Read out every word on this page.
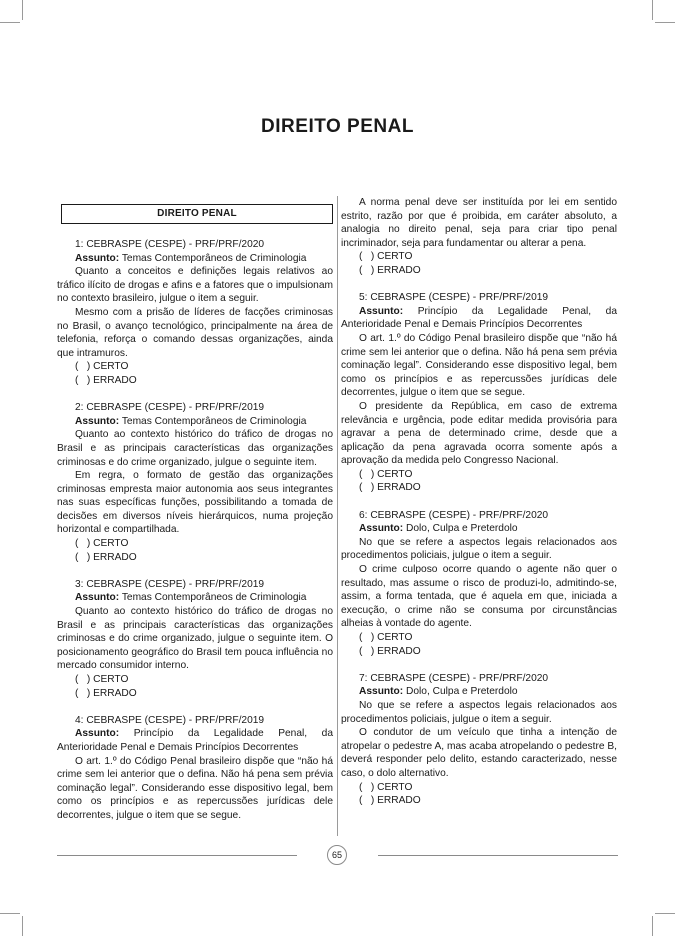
DIREITO PENAL
DIREITO PENAL

1: CEBRASPE (CESPE) - PRF/PRF/2020

Assunto: Temas Contemporâneos de Criminologia

Quanto a conceitos e definições legais relativos ao tráfico ilícito de drogas e afins e a fatores que o impulsionam no contexto brasileiro, julgue o item a seguir.

Mesmo com a prisão de líderes de facções criminosas no Brasil, o avanço tecnológico, principalmente na área de telefonia, reforça o comando dessas organizações, ainda que intramuros.

(   ) CERTO
(   ) ERRADO

2: CEBRASPE (CESPE) - PRF/PRF/2019

Assunto: Temas Contemporâneos de Criminologia

Quanto ao contexto histórico do tráfico de drogas no Brasil e as principais características das organizações criminosas e do crime organizado, julgue o seguinte item.

Em regra, o formato de gestão das organizações criminosas empresta maior autonomia aos seus integrantes nas suas específicas funções, possibilitando a tomada de decisões em diversos níveis hierárquicos, numa projeção horizontal e compartilhada.

(   ) CERTO
(   ) ERRADO

3: CEBRASPE (CESPE) - PRF/PRF/2019

Assunto: Temas Contemporâneos de Criminologia

Quanto ao contexto histórico do tráfico de drogas no Brasil e as principais características das organizações criminosas e do crime organizado, julgue o seguinte item. O posicionamento geográfico do Brasil tem pouca influência no mercado consumidor interno.

(   ) CERTO
(   ) ERRADO

4: CEBRASPE (CESPE) - PRF/PRF/2019

Assunto: Princípio da Legalidade Penal, da Anterioridade Penal e Demais Princípios Decorrentes

O art. 1.º do Código Penal brasileiro dispõe que “não há crime sem lei anterior que o defina. Não há pena sem prévia cominação legal”. Considerando esse dispositivo legal, bem como os princípios e as repercussões jurídicas dele decorrentes, julgue o item que se segue.

A norma penal deve ser instituída por lei em sentido estrito, razão por que é proibida, em caráter absoluto, a analogia no direito penal, seja para criar tipo penal incriminador, seja para fundamentar ou alterar a pena.

(   ) CERTO
(   ) ERRADO

5: CEBRASPE (CESPE) - PRF/PRF/2019

Assunto: Princípio da Legalidade Penal, da Anterioridade Penal e Demais Princípios Decorrentes

O art. 1.º do Código Penal brasileiro dispõe que “não há crime sem lei anterior que o defina. Não há pena sem prévia cominação legal”. Considerando esse dispositivo legal, bem como os princípios e as repercussões jurídicas dele decorrentes, julgue o item que se segue.

O presidente da República, em caso de extrema relevância e urgência, pode editar medida provisória para agravar a pena de determinado crime, desde que a aplicação da pena agravada ocorra somente após a aprovação da medida pelo Congresso Nacional.

(   ) CERTO
(   ) ERRADO

6: CEBRASPE (CESPE) - PRF/PRF/2020

Assunto: Dolo, Culpa e Preterdolo

No que se refere a aspectos legais relacionados aos procedimentos policiais, julgue o item a seguir.

O crime culposo ocorre quando o agente não quer o resultado, mas assume o risco de produzi-lo, admitindo-se, assim, a forma tentada, que é aquela em que, iniciada a execução, o crime não se consuma por circunstâncias alheias à vontade do agente.

(   ) CERTO
(   ) ERRADO

7: CEBRASPE (CESPE) - PRF/PRF/2020

Assunto: Dolo, Culpa e Preterdolo

No que se refere a aspectos legais relacionados aos procedimentos policiais, julgue o item a seguir.

O condutor de um veículo que tinha a intenção de atropelar o pedestre A, mas acaba atropelando o pedestre B, deverá responder pelo delito, estando caracterizado, nesse caso, o dolo alternativo.

(   ) CERTO
(   ) ERRADO
65
